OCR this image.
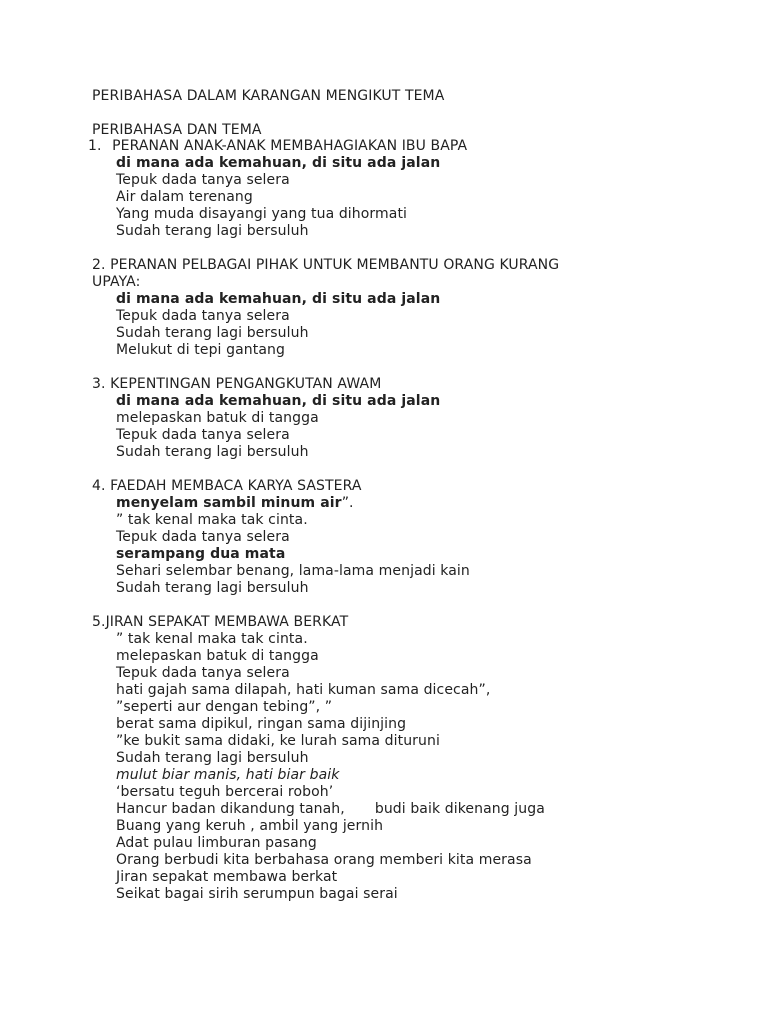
PERIBAHASA DALAM KARANGAN MENGIKUT TEMA
PERIBAHASA DAN TEMA
1. PERANAN ANAK-ANAK MEMBAHAGIAKAN IBU BAPA
di mana ada kemahuan, di situ ada jalan
Tepuk dada tanya selera
Air dalam terenang
Yang muda disayangi yang tua dihormati
Sudah terang lagi bersuluh
2. PERANAN PELBAGAI PIHAK UNTUK MEMBANTU ORANG KURANG
UPAYA:
di mana ada kemahuan, di situ ada jalan
Tepuk dada tanya selera
Sudah terang lagi bersuluh
Melukut di tepi gantang
3. KEPENTINGAN PENGANGKUTAN AWAM
di mana ada kemahuan, di situ ada jalan
melepaskan batuk di tangga
Tepuk dada tanya selera
Sudah terang lagi bersuluh
4. FAEDAH MEMBACA KARYA SASTERA
menyelam sambil minum air”.
” tak kenal maka tak cinta.
Tepuk dada tanya selera
serampang dua mata
Sehari selembar benang, lama-lama menjadi kain
Sudah terang lagi bersuluh
5.JIRAN SEPAKAT MEMBAWA BERKAT
” tak kenal maka tak cinta.
melepaskan batuk di tangga
Tepuk dada tanya selera
hati gajah sama dilapah, hati kuman sama dicecah”,
”seperti aur dengan tebing”, ”
berat sama dipikul, ringan sama dijinjing
”ke bukit sama didaki, ke lurah sama dituruni
Sudah terang lagi bersuluh
mulut biar manis, hati biar baik
‘bersatu teguh bercerai roboh’
Hancur badan dikandung tanah, budi baik dikenang juga
Buang yang keruh , ambil yang jernih
Adat pulau limburan pasang
Orang berbudi kita berbahasa orang memberi kita merasa
Jiran sepakat membawa berkat
Seikat bagai sirih serumpun bagai serai
